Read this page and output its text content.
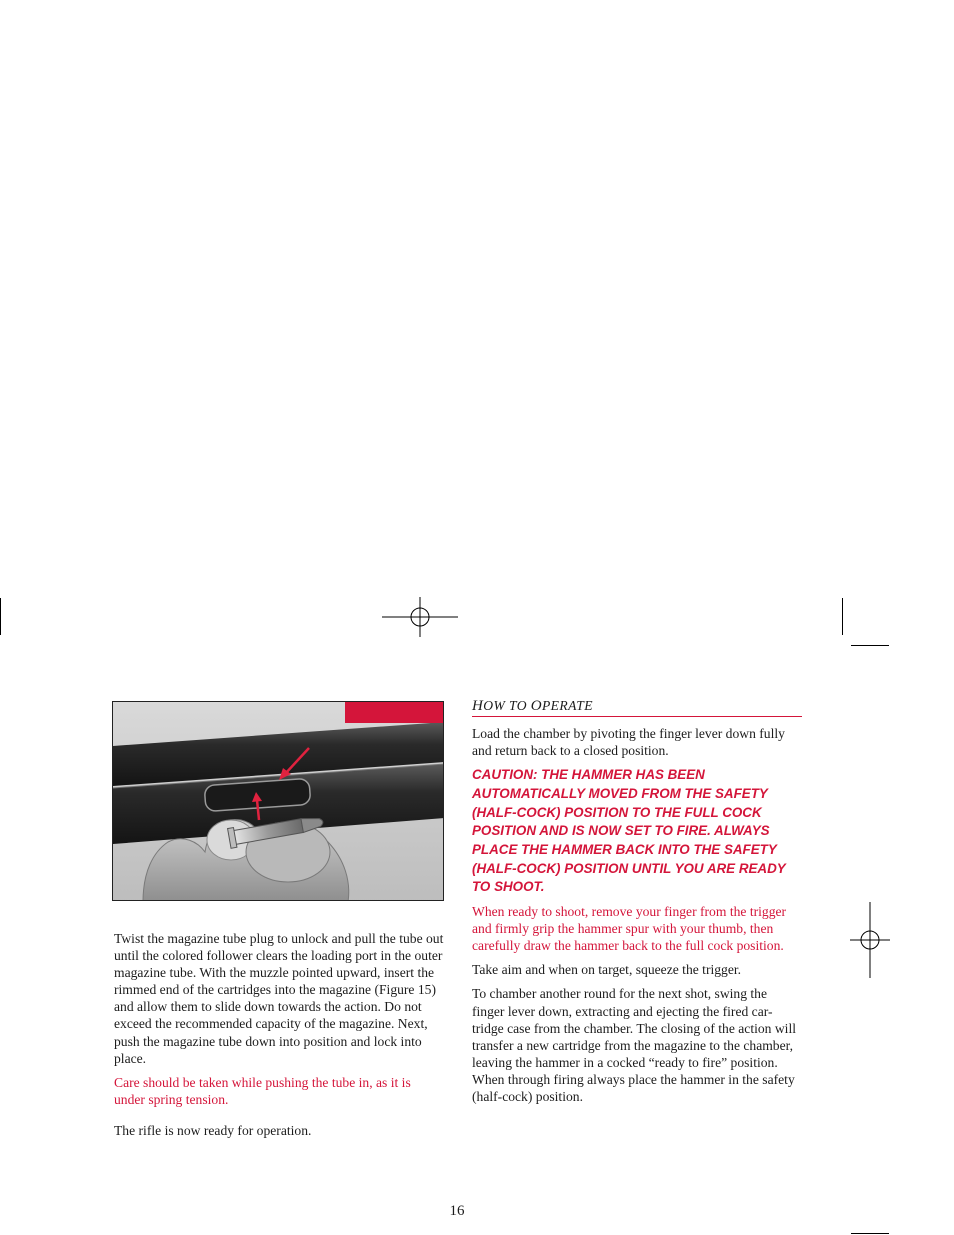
Twist the magazine tube plug to unlock and pull the tube out until the colored follower clears the loading port in the outer magazine tube. With the muzzle pointed upward, insert the rimmed end of the cartridges into the magazine (Figure 15) and allow them to slide down towards the action. Do not exceed the recommended capacity of the magazine. Next, push the magazine tube down into position and lock into place.

Care should be taken while pushing the tube in, as it is under spring tension.

The rifle is now ready for operation.

HOW TO OPERATE

Load the chamber by pivoting the finger lever down fully and return back to a closed position.

CAUTION: THE HAMMER HAS BEEN AUTOMATICALLY MOVED FROM THE SAFETY (HALF-COCK) POSITION TO THE FULL COCK POSITION AND IS NOW SET TO FIRE. ALWAYS PLACE THE HAMMER BACK INTO THE SAFETY (HALF-COCK) POSITION UNTIL YOU ARE READY TO SHOOT.

When ready to shoot, remove your finger from the trigger and firmly grip the hammer spur with your thumb, then carefully draw the hammer back to the full cock position.

Take aim and when on target, squeeze the trigger.

To chamber another round for the next shot, swing the finger lever down, extracting and ejecting the fired car-tridge case from the chamber. The closing of the action will transfer a new cartridge from the magazine to the chamber, leaving the hammer in a cocked “ready to fire” position. When through firing always place the hammer in the safety (half-cock) position.

16
